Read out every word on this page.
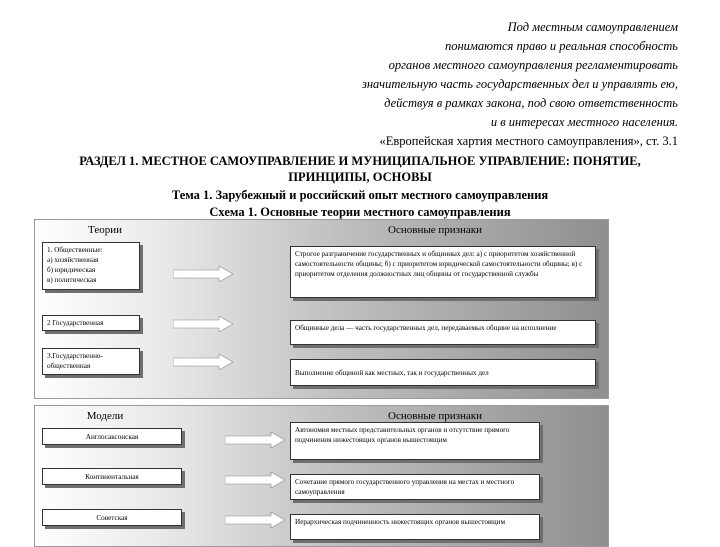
Под местным самоуправлением
понимаются право и реальная способность
органов местного самоуправления регламентировать
значительную часть государственных дел и управлять ею,
действуя в рамках закона, под свою ответственность
и в интересах местного населения.
«Европейская хартия местного самоуправления», ст. 3.1
РАЗДЕЛ 1. МЕСТНОЕ САМОУПРАВЛЕНИЕ И МУНИЦИПАЛЬНОЕ УПРАВЛЕНИЕ: ПОНЯТИЕ,
ПРИНЦИПЫ, ОСНОВЫ
Тема 1. Зарубежный и российский опыт местного самоуправления
Схема 1. Основные теории местного самоуправления
Теории	Основные признаки
1. Общественные:
а) хозяйственная
б) юридическая
в) политическая
Строгое разграничение государственных и общинных дел: а) с приоритетом хозяйственной самостоятельности общины; б) с приоритетом юридической самостоятельности общины; в) с приоритетом отделения должностных лиц общины от государственной службы
2 Государственная
Общинные дела — часть государственных дел, передаваемых общине на исполнение
3.Государственно-
общественная
Выполнение общиной как местных, так и государственных дел
Модели	Основные признаки
Англосаксонская
Автономия местных представительных органов и отсутствие прямого подчинения нижестоящих органов вышестоящим
Континентальная
Сочетание прямого государственного управления на местах и местного самоуправления
Советская
Иерархическая подчиненность нижестоящих органов вышестоящим
